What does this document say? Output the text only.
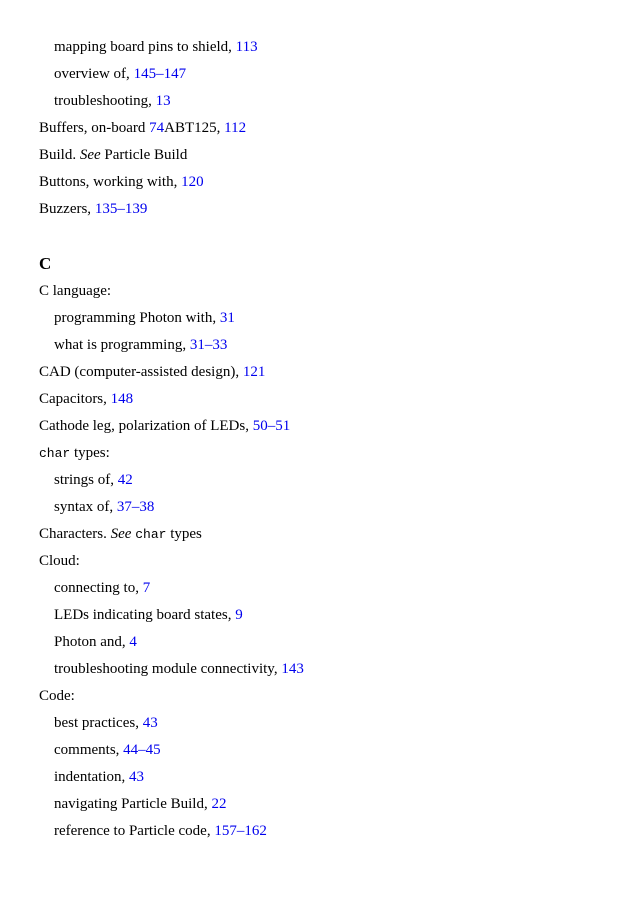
mapping board pins to shield, 113
overview of, 145–147
troubleshooting, 13
Buffers, on-board 74ABT125, 112
Build. See Particle Build
Buttons, working with, 120
Buzzers, 135–139
C
C language:
programming Photon with, 31
what is programming, 31–33
CAD (computer-assisted design), 121
Capacitors, 148
Cathode leg, polarization of LEDs, 50–51
char types:
strings of, 42
syntax of, 37–38
Characters. See char types
Cloud:
connecting to, 7
LEDs indicating board states, 9
Photon and, 4
troubleshooting module connectivity, 143
Code:
best practices, 43
comments, 44–45
indentation, 43
navigating Particle Build, 22
reference to Particle code, 157–162
